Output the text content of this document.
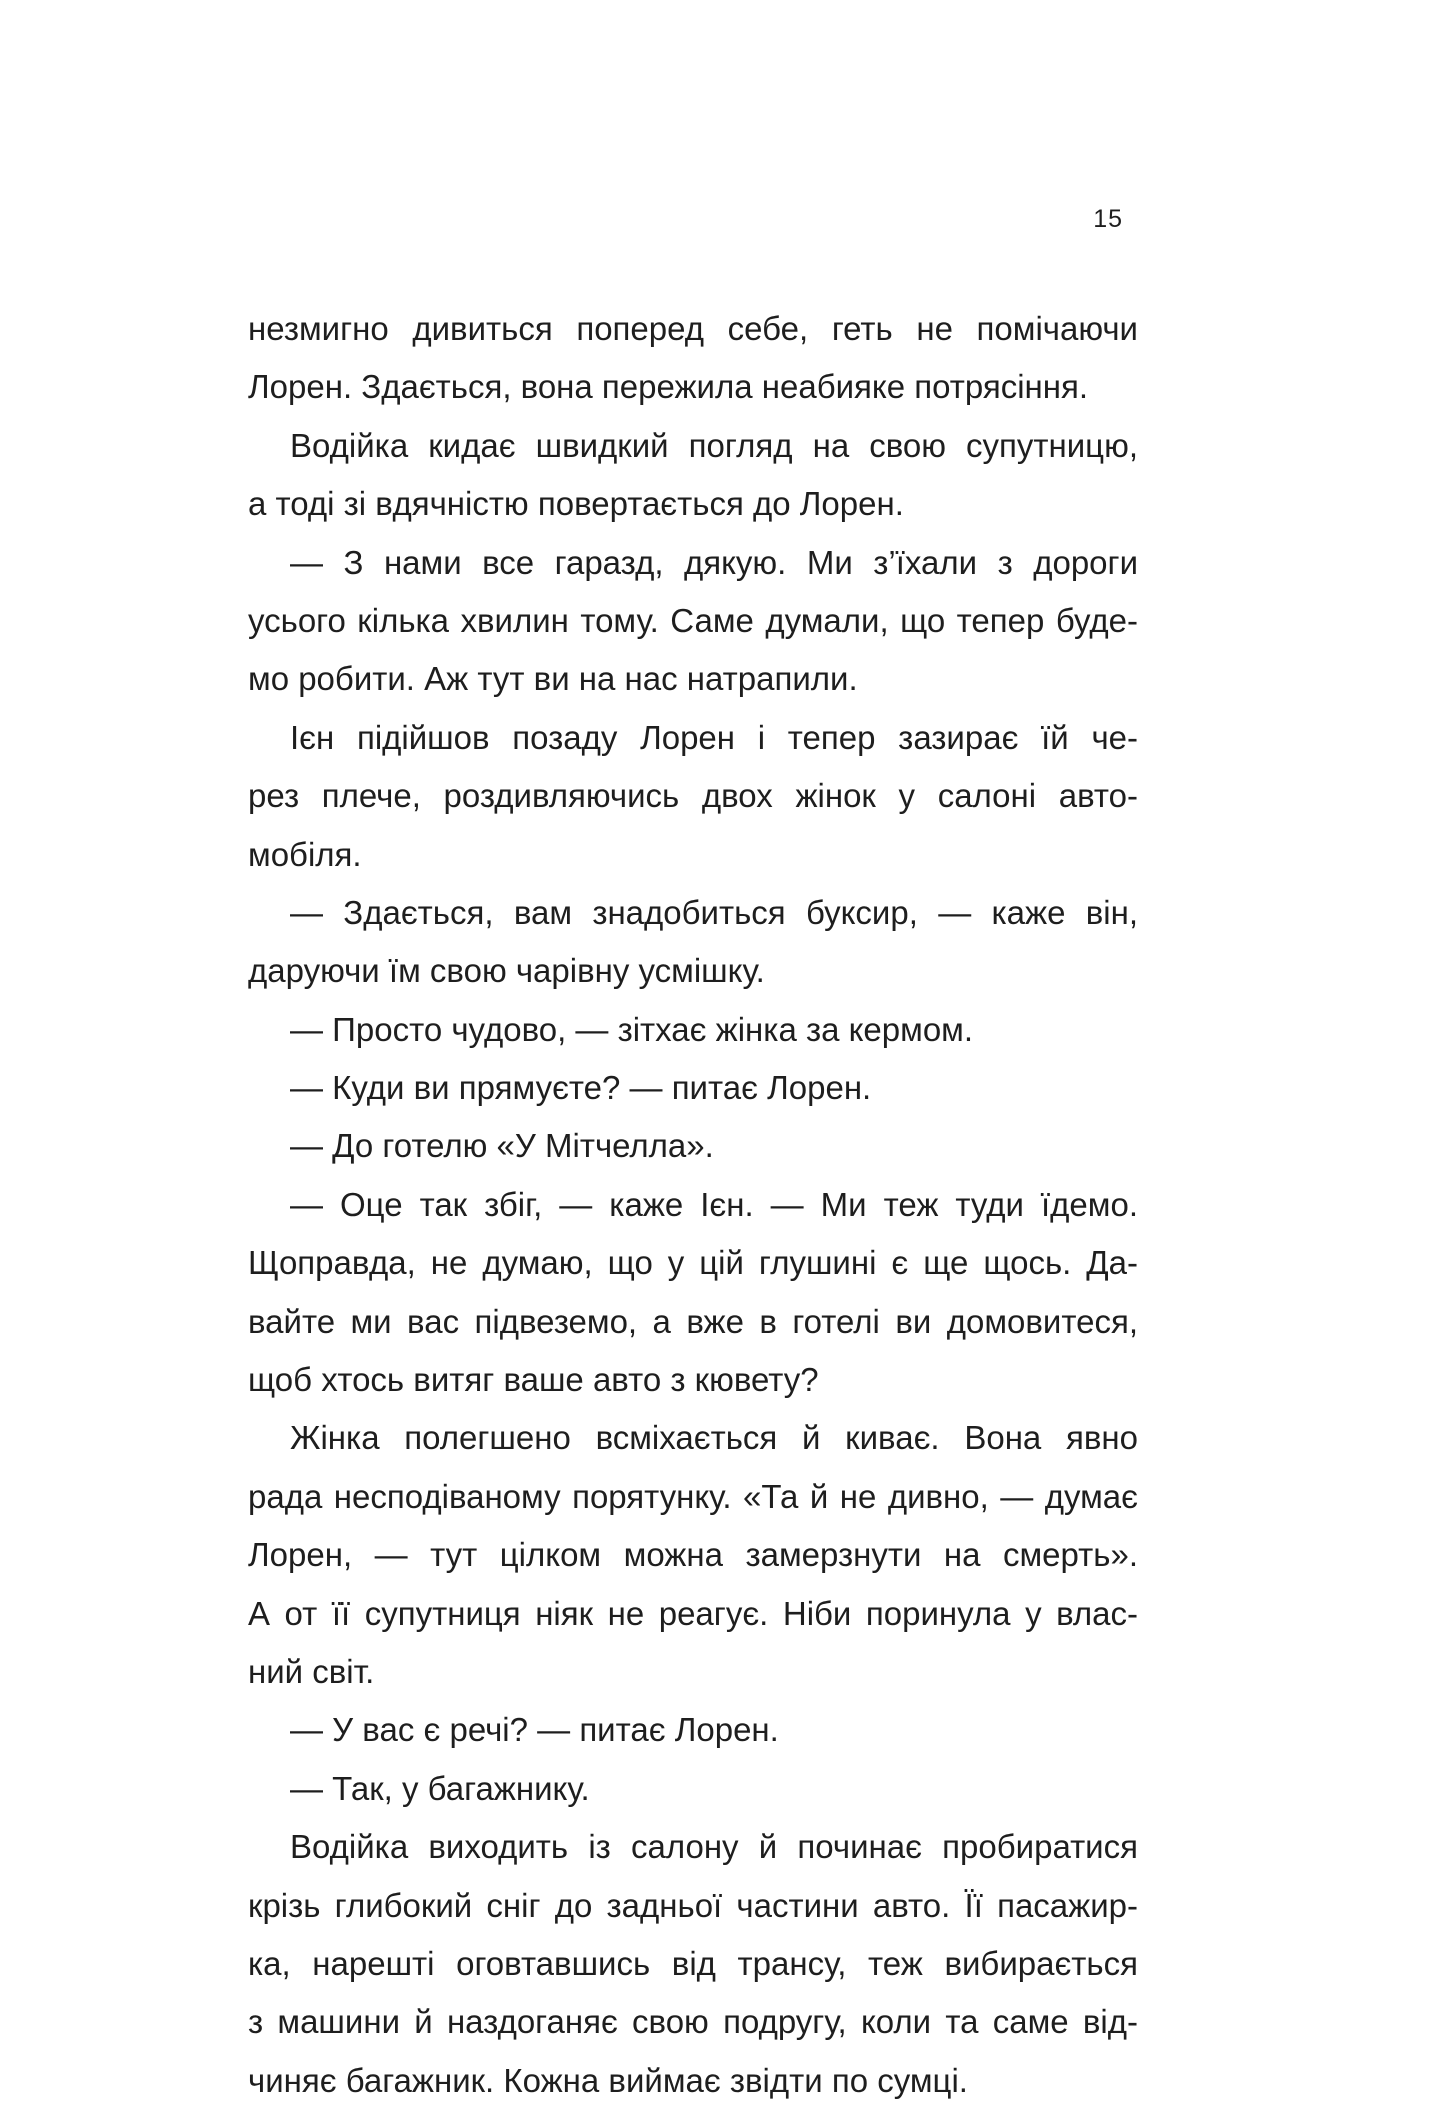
15
незмигно дивиться поперед себе, геть не помічаючи
Лорен. Здається, вона пережила неабияке потрясіння.
Водійка кидає швидкий погляд на свою супутницю,
а тоді зі вдячністю повертається до Лорен.
— З нами все гаразд, дякую. Ми з’їхали з дороги
усього кілька хвилин тому. Саме думали, що тепер буде-
мо робити. Аж тут ви на нас натрапили.
Ієн підійшов позаду Лорен і тепер зазирає їй че-
рез плече, роздивляючись двох жінок у салоні авто-
мобіля.
— Здається, вам знадобиться буксир, — каже він,
даруючи їм свою чарівну усмішку.
— Просто чудово, — зітхає жінка за кермом.
— Куди ви прямуєте? — питає Лорен.
— До готелю «У Мітчелла».
— Оце так збіг, — каже Ієн. — Ми теж туди їдемо.
Щоправда, не думаю, що у цій глушині є ще щось. Да-
вайте ми вас підвеземо, а вже в готелі ви домовитеся,
щоб хтось витяг ваше авто з кювету?
Жінка полегшено всміхається й киває. Вона явно
рада несподіваному порятунку. «Та й не дивно, — думає
Лорен, — тут цілком можна замерзнути на смерть».
А от її супутниця ніяк не реагує. Ніби поринула у влас-
ний світ.
— У вас є речі? — питає Лорен.
— Так, у багажнику.
Водійка виходить із салону й починає пробиратися
крізь глибокий сніг до задньої частини авто. Її пасажир-
ка, нарешті оговтавшись від трансу, теж вибирається
з машини й наздоганяє свою подругу, коли та саме від-
чиняє багажник. Кожна виймає звідти по сумці.
